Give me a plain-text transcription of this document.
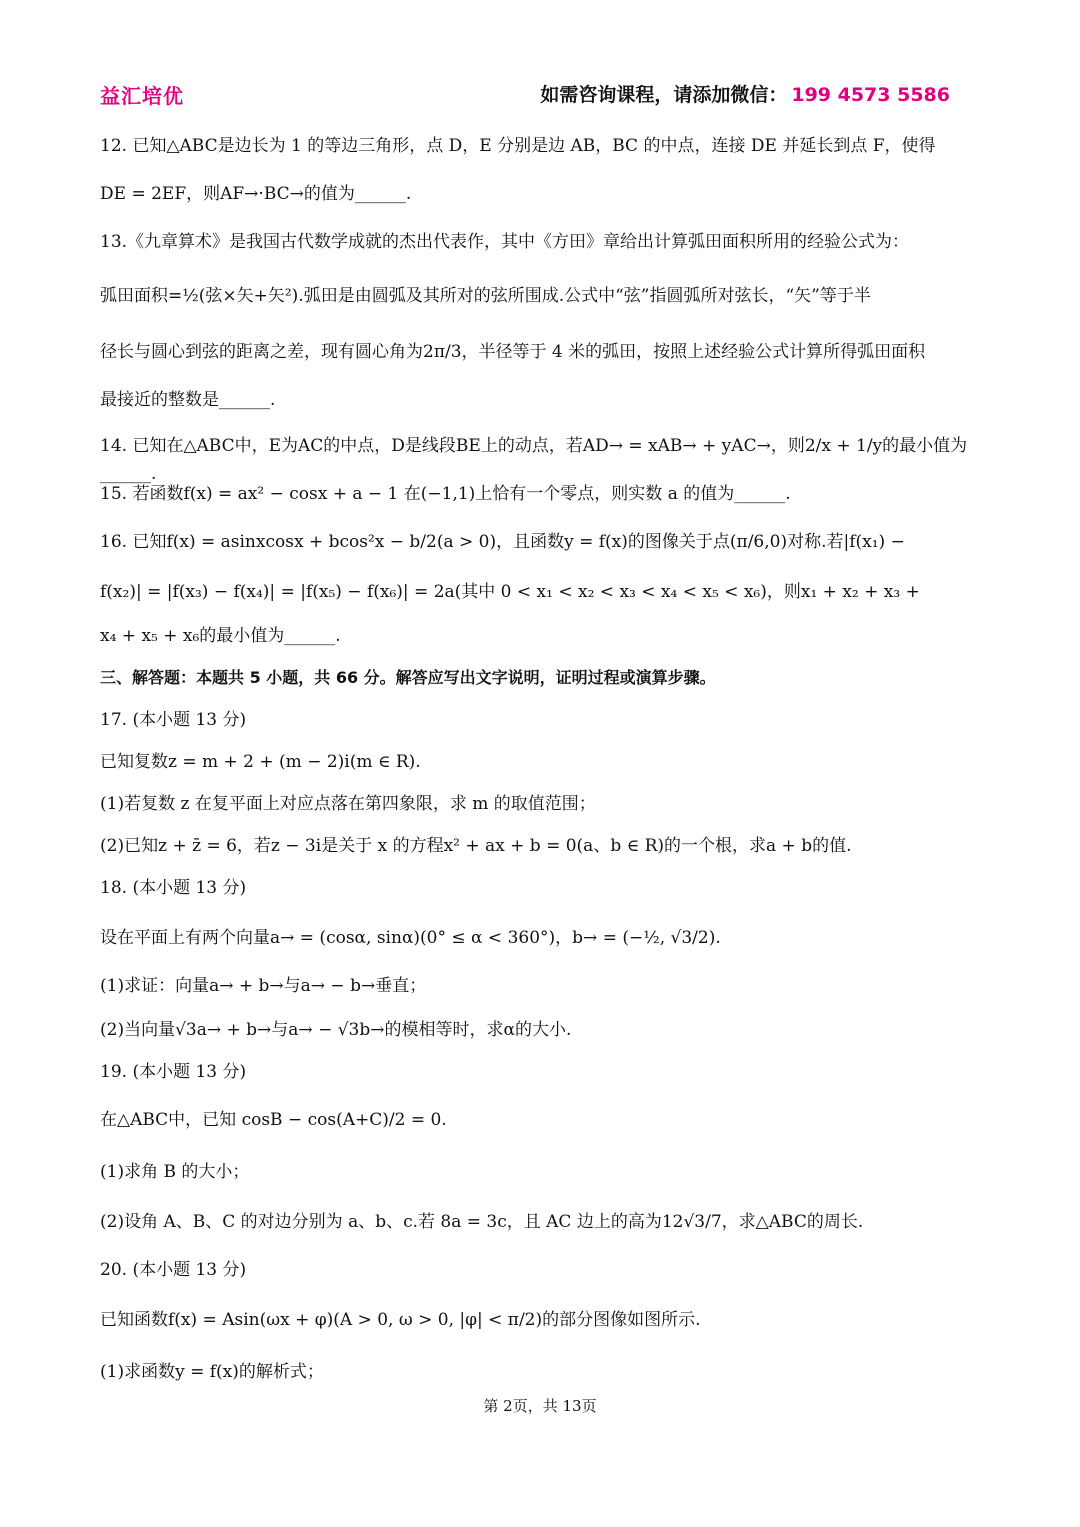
益汇培优	如需咨询课程，请添加微信： 199 4573 5586

12. 已知△ABC是边长为 1 的等边三角形，点 D，E 分别是边 AB，BC 的中点，连接 DE 并延长到点 F，使得

DE = 2EF，则AF→·BC→的值为______.

13.《九章算术》是我国古代数学成就的杰出代表作，其中《方田》章给出计算弧田面积所用的经验公式为：

弧田面积=½(弦×矢+矢²).弧田是由圆弧及其所对的弦所围成.公式中“弦”指圆弧所对弦长，“矢”等于半

径长与圆心到弦的距离之差，现有圆心角为2π/3，半径等于 4 米的弧田，按照上述经验公式计算所得弧田面积

最接近的整数是______.

14. 已知在△ABC中，E为AC的中点，D是线段BE上的动点，若AD→ = xAB→ + yAC→，则2/x + 1/y的最小值为______.

15. 若函数f(x) = ax² − cosx + a − 1 在(−1,1)上恰有一个零点，则实数 a 的值为______.

16. 已知f(x) = asinxcosx + bcos²x − b/2(a > 0)，且函数y = f(x)的图像关于点(π/6,0)对称.若|f(x₁) −

f(x₂)| = |f(x₃) − f(x₄)| = |f(x₅) − f(x₆)| = 2a(其中 0 < x₁ < x₂ < x₃ < x₄ < x₅ < x₆)，则x₁ + x₂ + x₃ +

x₄ + x₅ + x₆的最小值为______.

三、解答题：本题共 5 小题，共 66 分。解答应写出文字说明，证明过程或演算步骤。

17. (本小题 13 分)

已知复数z = m + 2 + (m − 2)i(m ∈ R).

(1)若复数 z 在复平面上对应点落在第四象限，求 m 的取值范围；

(2)已知z + z̄ = 6，若z − 3i是关于 x 的方程x² + ax + b = 0(a、b ∈ R)的一个根，求a + b的值.

18. (本小题 13 分)

设在平面上有两个向量a→ = (cosα, sinα)(0° ≤ α < 360°)，b→ = (−½, √3/2).

(1)求证：向量a→ + b→与a→ − b→垂直；

(2)当向量√3a→ + b→与a→ − √3b→的模相等时，求α的大小.

19. (本小题 13 分)

在△ABC中，已知 cosB − cos(A+C)/2 = 0.

(1)求角 B 的大小；

(2)设角 A、B、C 的对边分别为 a、b、c.若 8a = 3c，且 AC 边上的高为12√3/7，求△ABC的周长.

20. (本小题 13 分)

已知函数f(x) = Asin(ωx + φ)(A > 0, ω > 0, |φ| < π/2)的部分图像如图所示.

(1)求函数y = f(x)的解析式；

第 2页，共 13页
